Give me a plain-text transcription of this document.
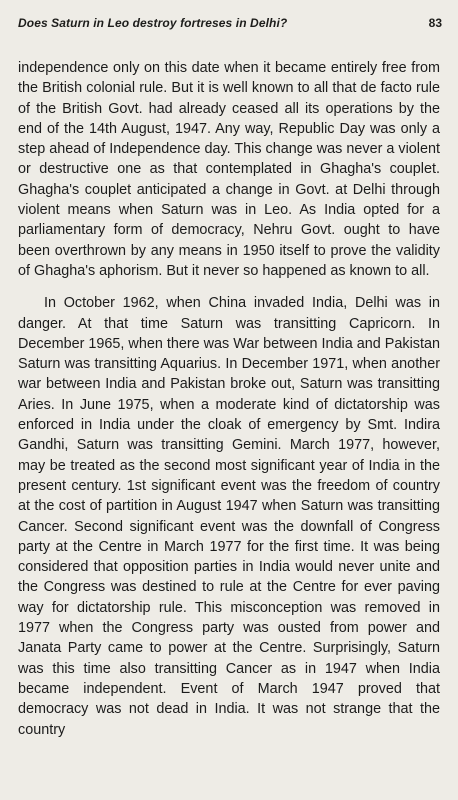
Does Saturn in Leo destroy fortreses in Delhi?	83

independence only on this date when it became entirely free from the British colonial rule. But it is well known to all that de facto rule of the British Govt. had already ceased all its operations by the end of the 14th August, 1947. Any way, Republic Day was only a step ahead of Independence day. This change was never a violent or destructive one as that contemplated in Ghagha's couplet. Ghagha's couplet anticipated a change in Govt. at Delhi through violent means when Saturn was in Leo. As India opted for a parliamentary form of democracy, Nehru Govt. ought to have been overthrown by any means in 1950 itself to prove the validity of Ghagha's aphorism. But it never so happened as known to all.

In October 1962, when China invaded India, Delhi was in danger. At that time Saturn was transitting Capricorn. In December 1965, when there was War between India and Pakistan Saturn was transitting Aquarius. In December 1971, when another war between India and Pakistan broke out, Saturn was transitting Aries. In June 1975, when a moderate kind of dictatorship was enforced in India under the cloak of emergency by Smt. Indira Gandhi, Saturn was transitting Gemini. March 1977, however, may be treated as the second most significant year of India in the present century. 1st significant event was the freedom of country at the cost of partition in August 1947 when Saturn was transitting Cancer. Second significant event was the downfall of Congress party at the Centre in March 1977 for the first time. It was being considered that opposition parties in India would never unite and the Congress was destined to rule at the Centre for ever paving way for dictatorship rule. This misconception was removed in 1977 when the Congress party was ousted from power and Janata Party came to power at the Centre. Surprisingly, Saturn was this time also transitting Cancer as in 1947 when India became independent. Event of March 1947 proved that democracy was not dead in India. It was not strange that the country
